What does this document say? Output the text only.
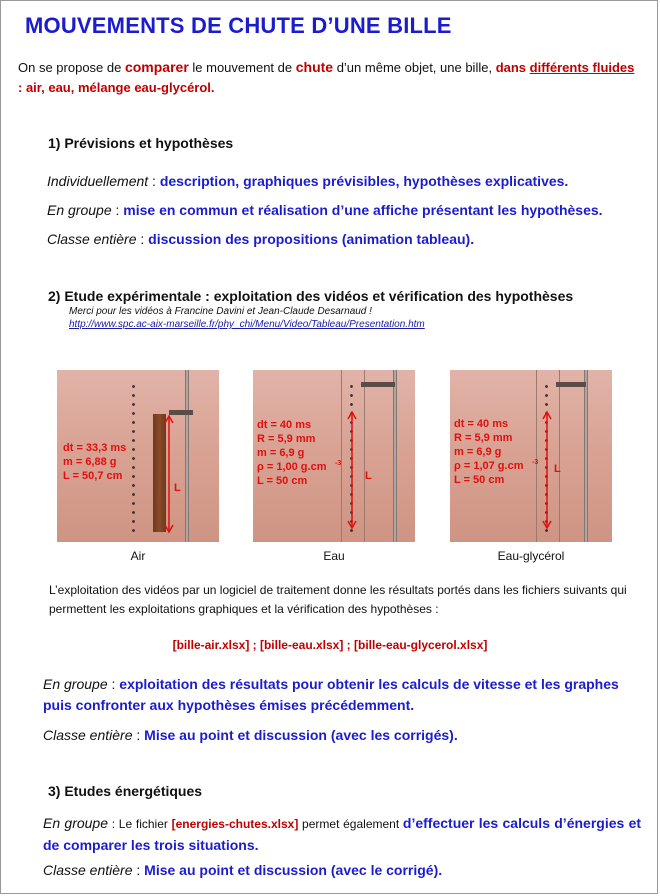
MOUVEMENTS DE CHUTE D’UNE BILLE
On se propose de comparer le mouvement de chute d’un même objet, une bille, dans différents fluides : air, eau, mélange eau-glycérol.
1) Prévisions et hypothèses
Individuellement : description, graphiques prévisibles, hypothèses explicatives.
En groupe : mise en commun et réalisation d’une affiche présentant les hypothèses.
Classe entière : discussion des propositions (animation tableau).
2) Etude expérimentale : exploitation des vidéos et vérification des hypothèses
Merci pour les vidéos à Francine Davini et Jean-Claude Desarnaud !
http://www.spc.ac-aix-marseille.fr/phy_chi/Menu/Video/Tableau/Presentation.htm
dt = 33,3 ms
m = 6,88 g
L = 50,7 cm
L
Air
dt = 40 ms
R = 5,9 mm
m = 6,9 g
ρ = 1,00 g.cm
L = 50 cm
-3
L
Eau
dt = 40 ms
R = 5,9 mm
m = 6,9 g
ρ = 1,07 g.cm
L = 50 cm
-3
L
Eau-glycérol
L’exploitation des vidéos par un logiciel de traitement donne les résultats portés dans les fichiers suivants qui permettent les exploitations graphiques et la vérification des hypothèses :
[bille-air.xlsx] ; [bille-eau.xlsx] ; [bille-eau-glycerol.xlsx]
En groupe : exploitation des résultats pour obtenir les calculs de vitesse et les graphes puis confronter aux hypothèses émises précédemment.
Classe entière : Mise au point et discussion (avec les corrigés).
3) Etudes énergétiques
En groupe : Le fichier [energies-chutes.xlsx] permet également d’effectuer les calculs d’énergies et de comparer les trois situations.
Classe entière : Mise au point et discussion (avec le corrigé).
